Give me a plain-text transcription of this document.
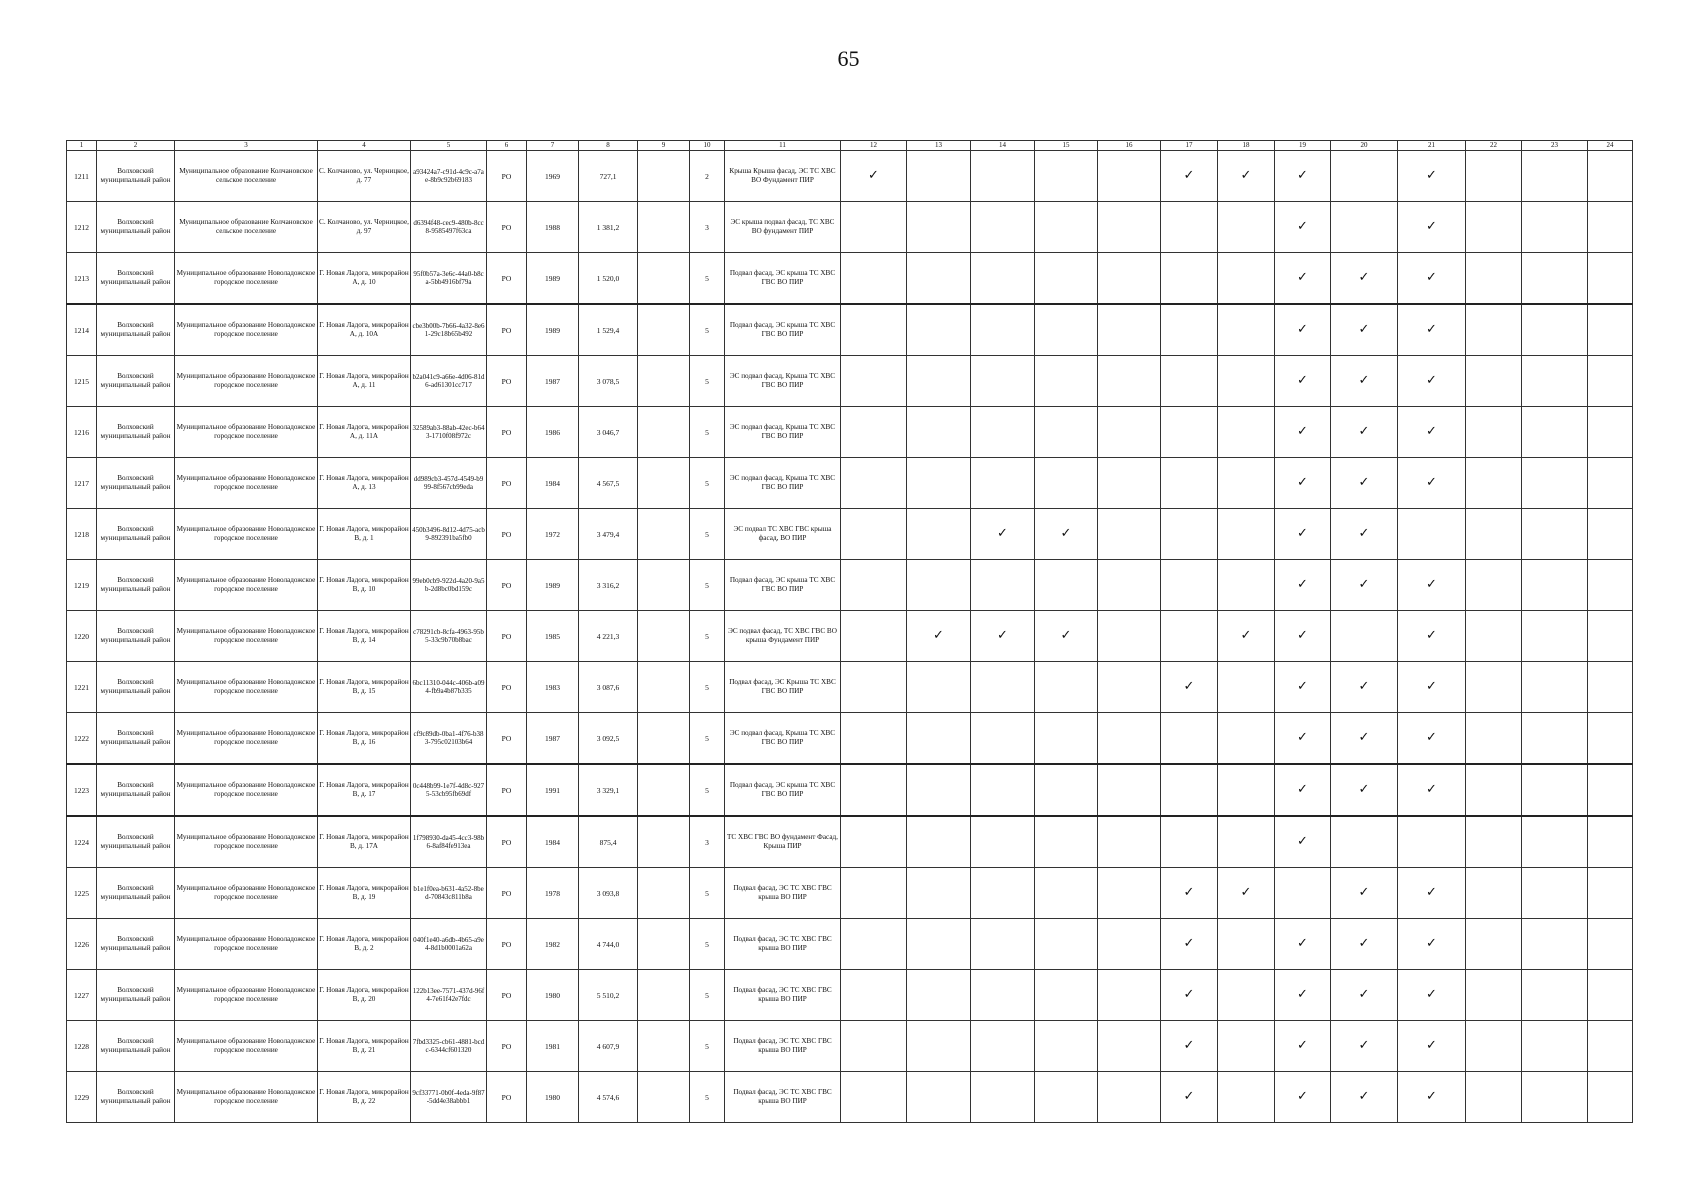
65
1	2	3	4	5	6	7	8	9	10	11	12	13	14	15	16	17	18	19	20	21	22	23	24
1211	Волховский муниципальный район	Муниципальное образование Колчановское сельское поселение	С. Колчаново, ул. Черницкое, д. 77	a93424a7-c91d-4c9c-a7ae-8b9c92b69183	РО	1969	727,1		2	Крыша Крыша фасад, ЭС ТС ХВС ВО Фундамент ПИР	✓					✓	✓	✓		✓			
1212	Волховский муниципальный район	Муниципальное образование Колчановское сельское поселение	С. Колчаново, ул. Черницкое, д. 97	d6394f48-cec9-480b-8cc8-9585497f63ca	РО	1988	1 381,2		3	ЭС крыша подвал фасад, ТС ХВС ВО фундамент ПИР								✓		✓			
1213	Волховский муниципальный район	Муниципальное образование Новоладожское городское поселение	Г. Новая Ладога, микрорайон А, д. 10	95f0b57a-3e6c-44a0-b8ca-5bb4916bf79a	РО	1989	1 520,0		5	Подвал фасад, ЭС крыша ТС ХВС ГВС ВО ПИР								✓	✓	✓			
1214	Волховский муниципальный район	Муниципальное образование Новоладожское городское поселение	Г. Новая Ладога, микрорайон А, д. 10А	cbe3b00b-7b66-4a32-8e61-29c18b65b492	РО	1989	1 529,4		5	Подвал фасад, ЭС крыша ТС ХВС ГВС ВО ПИР								✓	✓	✓			
1215	Волховский муниципальный район	Муниципальное образование Новоладожское городское поселение	Г. Новая Ладога, микрорайон А, д. 11	b2a041c9-a66e-4d06-81d6-ad61301cc717	РО	1987	3 078,5		5	ЭС подвал фасад, Крыша ТС ХВС ГВС ВО ПИР								✓	✓	✓			
1216	Волховский муниципальный район	Муниципальное образование Новоладожское городское поселение	Г. Новая Ладога, микрорайон А, д. 11А	32589ab3-88ab-42ec-b643-1710f08f972c	РО	1986	3 046,7		5	ЭС подвал фасад, Крыша ТС ХВС ГВС ВО ПИР								✓	✓	✓			
1217	Волховский муниципальный район	Муниципальное образование Новоладожское городское поселение	Г. Новая Ладога, микрорайон А, д. 13	dd989cb3-457d-4549-b999-8f567cb99eda	РО	1984	4 567,5		5	ЭС подвал фасад, Крыша ТС ХВС ГВС ВО ПИР								✓	✓	✓			
1218	Волховский муниципальный район	Муниципальное образование Новоладожское городское поселение	Г. Новая Ладога, микрорайон В, д. 1	450b3496-8d12-4d75-acb9-892391ba5fb0	РО	1972	3 479,4		5	ЭС подвал ТС ХВС ГВС крыша фасад, ВО ПИР			✓	✓				✓	✓				
1219	Волховский муниципальный район	Муниципальное образование Новоладожское городское поселение	Г. Новая Ладога, микрорайон В, д. 10	99eb0cb9-922d-4a20-9a5b-2d8bc0bd159c	РО	1989	3 316,2		5	Подвал фасад, ЭС крыша ТС ХВС ГВС ВО ПИР								✓	✓	✓			
1220	Волховский муниципальный район	Муниципальное образование Новоладожское городское поселение	Г. Новая Ладога, микрорайон В, д. 14	c78291cb-8cfa-4963-95b5-33c9b70b8bac	РО	1985	4 221,3		5	ЭС подвал фасад, ТС ХВС ГВС ВО крыша Фундамент ПИР		✓	✓	✓			✓	✓		✓			
1221	Волховский муниципальный район	Муниципальное образование Новоладожское городское поселение	Г. Новая Ладога, микрорайон В, д. 15	6bc11310-044c-406b-a094-fb9a4b87b335	РО	1983	3 087,6		5	Подвал фасад, ЭС Крыша ТС ХВС ГВС ВО ПИР						✓		✓	✓	✓			
1222	Волховский муниципальный район	Муниципальное образование Новоладожское городское поселение	Г. Новая Ладога, микрорайон В, д. 16	cf9c89db-0ba1-4f76-b383-795c02103b64	РО	1987	3 092,5		5	ЭС подвал фасад, Крыша ТС ХВС ГВС ВО ПИР								✓	✓	✓			
1223	Волховский муниципальный район	Муниципальное образование Новоладожское городское поселение	Г. Новая Ладога, микрорайон В, д. 17	0c448b99-1e7f-4d8c-9275-53cb95fb69df	РО	1991	3 329,1		5	Подвал фасад, ЭС крыша ТС ХВС ГВС ВО ПИР								✓	✓	✓			
1224	Волховский муниципальный район	Муниципальное образование Новоладожское городское поселение	Г. Новая Ладога, микрорайон В, д. 17А	1f798930-da45-4cc3-98b6-8af84fe913ea	РО	1984	875,4		3	ТС ХВС ГВС ВО фундамент Фасад, Крыша ПИР								✓					
1225	Волховский муниципальный район	Муниципальное образование Новоладожское городское поселение	Г. Новая Ладога, микрорайон В, д. 19	b1e1f0ea-b631-4a52-8bed-70843c811b8a	РО	1978	3 093,8		5	Подвал фасад, ЭС ТС ХВС ГВС крыша ВО ПИР						✓	✓		✓	✓			
1226	Волховский муниципальный район	Муниципальное образование Новоладожское городское поселение	Г. Новая Ладога, микрорайон В, д. 2	040f1e40-a6db-4b65-a9e4-8d1b0001a62a	РО	1982	4 744,0		5	Подвал фасад, ЭС ТС ХВС ГВС крыша ВО ПИР						✓		✓	✓	✓			
1227	Волховский муниципальный район	Муниципальное образование Новоладожское городское поселение	Г. Новая Ладога, микрорайон В, д. 20	122b13ee-7571-437d-96f4-7e61f42e7fdc	РО	1980	5 510,2		5	Подвал фасад, ЭС ТС ХВС ГВС крыша ВО ПИР						✓		✓	✓	✓			
1228	Волховский муниципальный район	Муниципальное образование Новоладожское городское поселение	Г. Новая Ладога, микрорайон В, д. 21	7fbd3325-cb61-4881-bcdc-6344cf601320	РО	1981	4 607,9		5	Подвал фасад, ЭС ТС ХВС ГВС крыша ВО ПИР						✓		✓	✓	✓			
1229	Волховский муниципальный район	Муниципальное образование Новоладожское городское поселение	Г. Новая Ладога, микрорайон В, д. 22	9cf33771-0b0f-4eda-9f87-5dd4e38abbb1	РО	1980	4 574,6		5	Подвал фасад, ЭС ТС ХВС ГВС крыша ВО ПИР						✓		✓	✓	✓			
